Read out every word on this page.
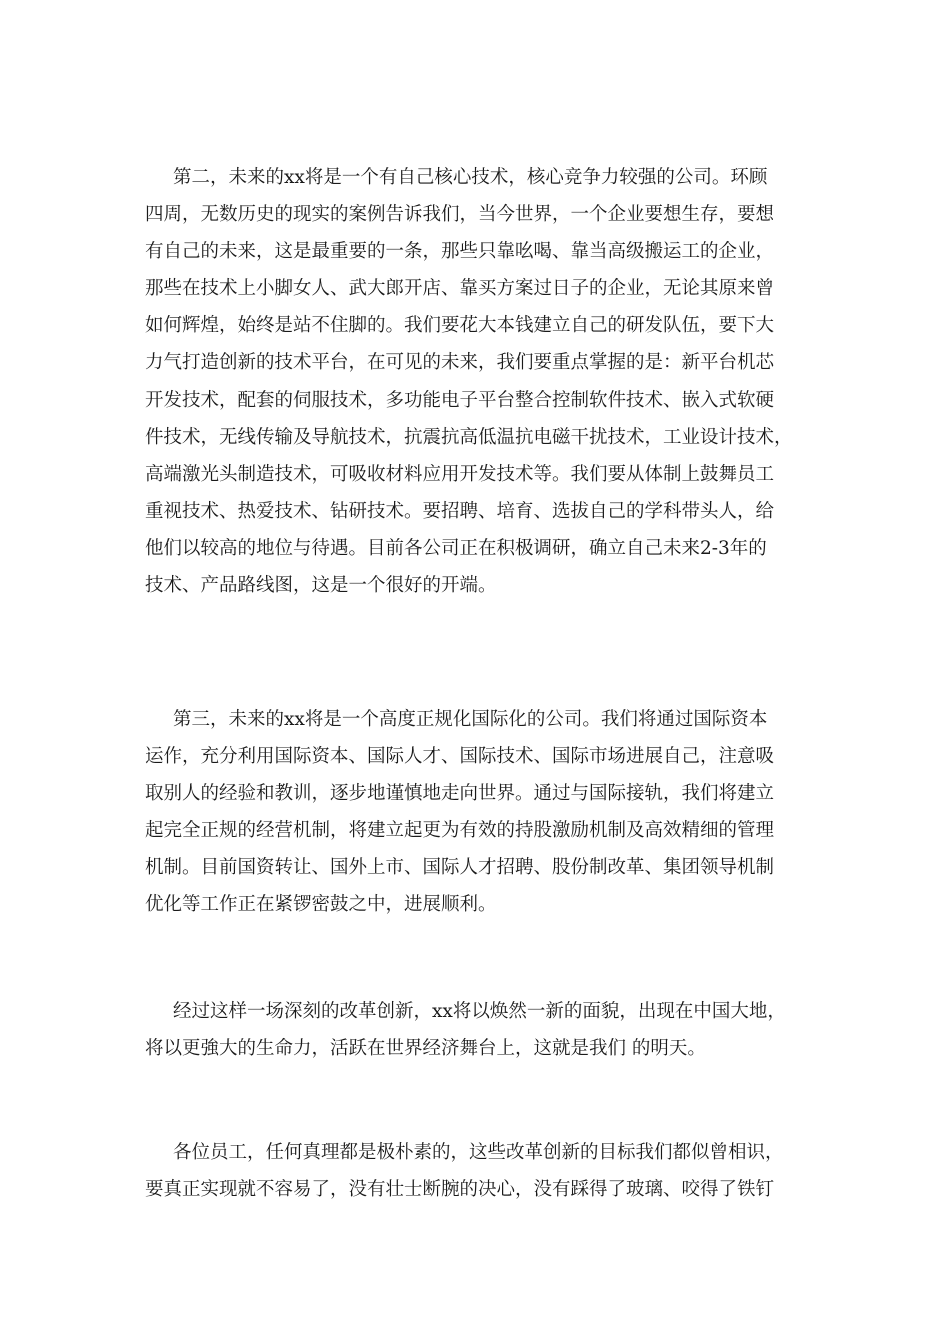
第二，未来的xx将是一个有自己核心技术，核心竞争力较强的公司。环顾
四周，无数历史的现实的案例告诉我们，当今世界，一个企业要想生存，要想
有自己的未来，这是最重要的一条，那些只靠吆喝、靠当高级搬运工的企业，
那些在技术上小脚女人、武大郎开店、靠买方案过日子的企业，无论其原来曾
如何辉煌，始终是站不住脚的。我们要花大本钱建立自己的研发队伍，要下大
力气打造创新的技术平台，在可见的未来，我们要重点掌握的是：新平台机芯
开发技术，配套的伺服技术，多功能电子平台整合控制软件技术、嵌入式软硬
件技术，无线传输及导航技术，抗震抗高低温抗电磁干扰技术，工业设计技术，
高端激光头制造技术，可吸收材料应用开发技术等。我们要从体制上鼓舞员工
重视技术、热爱技术、钻研技术。要招聘、培育、选拔自己的学科带头人，给
他们以较高的地位与待遇。目前各公司正在积极调研，确立自己未来2-3年的
技术、产品路线图，这是一个很好的开端。
第三，未来的xx将是一个高度正规化国际化的公司。我们将通过国际资本
运作，充分利用国际资本、国际人才、国际技术、国际市场进展自己，注意吸
取别人的经验和教训，逐步地谨慎地走向世界。通过与国际接轨，我们将建立
起完全正规的经营机制，将建立起更为有效的持股激励机制及高效精细的管理
机制。目前国资转让、国外上市、国际人才招聘、股份制改革、集团领导机制
优化等工作正在紧锣密鼓之中，进展顺利。
经过这样一场深刻的改革创新，xx将以焕然一新的面貌，出现在中国大地，
将以更強大的生命力，活跃在世界经济舞台上，这就是我们 的明天。
各位员工，任何真理都是极朴素的，这些改革创新的目标我们都似曾相识，
要真正实现就不容易了，没有壮士断腕的决心，没有踩得了玻璃、咬得了铁钉
